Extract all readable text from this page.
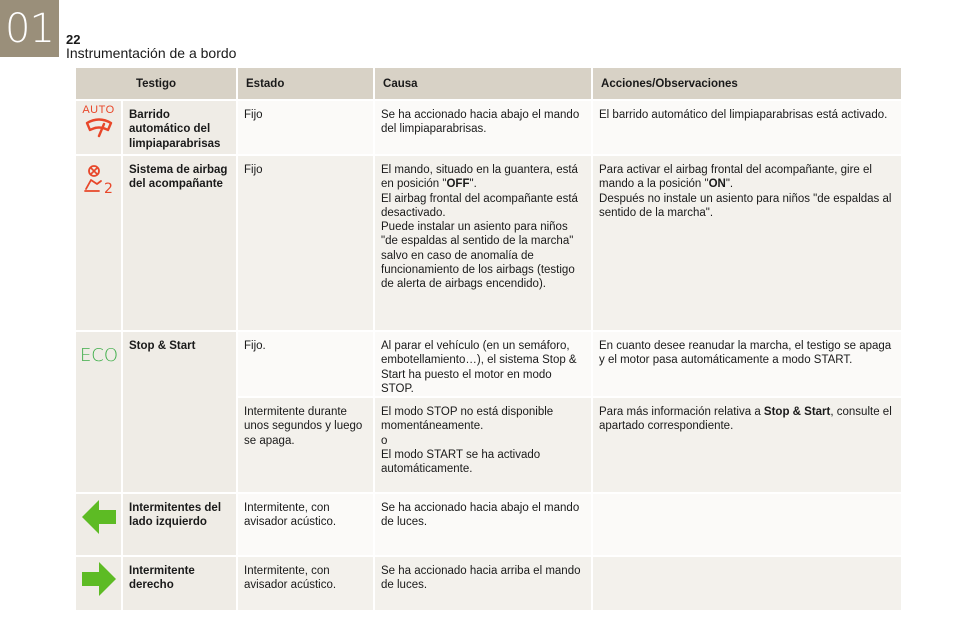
01 22
Instrumentación de a bordo
Testigo		Estado	Causa	Acciones/Observaciones

AUTO	Barrido automático del limpiaparabrisas	Fijo	Se ha accionado hacia abajo el mando del limpiaparabrisas.	El barrido automático del limpiaparabrisas está activado.

2	Sistema de airbag del acompañante	Fijo	El mando, situado en la guantera, está en posición "OFF".
El airbag frontal del acompañante está desactivado.
Puede instalar un asiento para niños "de espaldas al sentido de la marcha" salvo en caso de anomalía de funcionamiento de los airbags (testigo de alerta de airbags encendido).	Para activar el airbag frontal del acompañante, gire el mando a la posición "ON".
Después no instale un asiento para niños "de espaldas al sentido de la marcha".

ECO	Stop & Start	Fijo.	Al parar el vehículo (en un semáforo, embotellamiento…), el sistema Stop & Start ha puesto el motor en modo STOP.	En cuanto desee reanudar la marcha, el testigo se apaga y el motor pasa automáticamente a modo START.
		Intermitente durante unos segundos y luego se apaga.	El modo STOP no está disponible momentáneamente.
o
El modo START se ha activado automáticamente.	Para más información relativa a Stop & Start, consulte el apartado correspondiente.

	Intermitentes del lado izquierdo	Intermitente, con avisador acústico.	Se ha accionado hacia abajo el mando de luces.	

	Intermitente derecho	Intermitente, con avisador acústico.	Se ha accionado hacia arriba el mando de luces.	
